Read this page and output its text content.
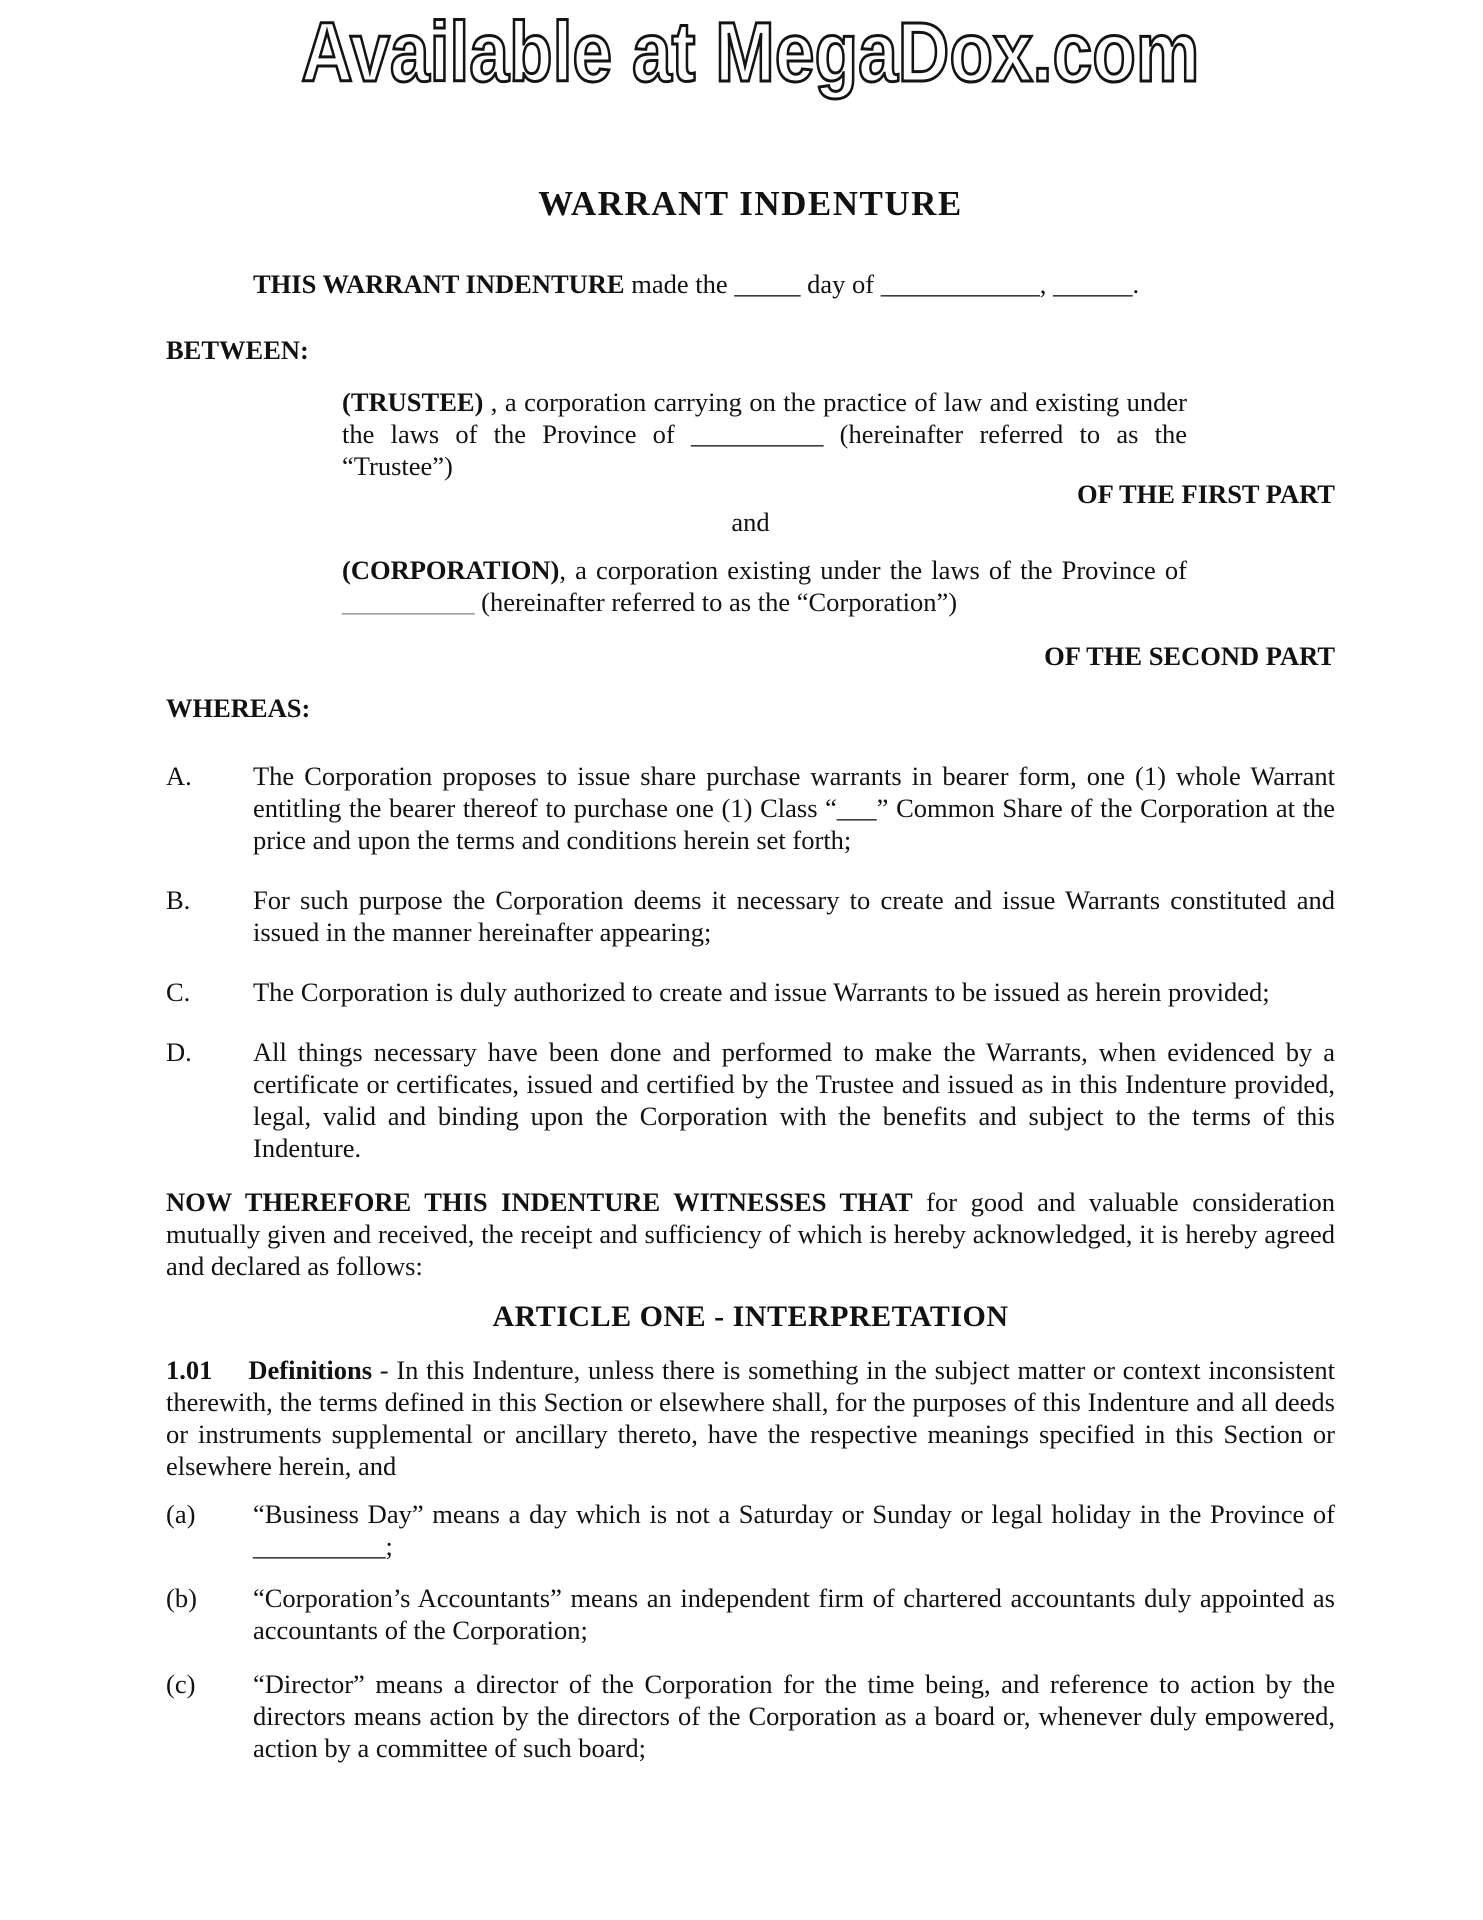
Available at MegaDox.com
WARRANT INDENTURE
THIS WARRANT INDENTURE made the _____ day of ____________, ______.
BETWEEN:
(TRUSTEE) , a corporation carrying on the practice of law and existing under the laws of the Province of __________ (hereinafter referred to as the “Trustee”)
OF THE FIRST PART
and
(CORPORATION), a corporation existing under the laws of the Province of __________ (hereinafter referred to as the “Corporation”)
OF THE SECOND PART
WHEREAS:
A.	The Corporation proposes to issue share purchase warrants in bearer form, one (1) whole Warrant entitling the bearer thereof to purchase one (1) Class “___” Common Share of the Corporation at the price and upon the terms and conditions herein set forth;
B.	For such purpose the Corporation deems it necessary to create and issue Warrants constituted and issued in the manner hereinafter appearing;
C.	The Corporation is duly authorized to create and issue Warrants to be issued as herein provided;
D.	All things necessary have been done and performed to make the Warrants, when evidenced by a certificate or certificates, issued and certified by the Trustee and issued as in this Indenture provided, legal, valid and binding upon the Corporation with the benefits and subject to the terms of this Indenture.
NOW THEREFORE THIS INDENTURE WITNESSES THAT for good and valuable consideration mutually given and received, the receipt and sufficiency of which is hereby acknowledged, it is hereby agreed and declared as follows:
ARTICLE ONE - INTERPRETATION
1.01 Definitions - In this Indenture, unless there is something in the subject matter or context inconsistent therewith, the terms defined in this Section or elsewhere shall, for the purposes of this Indenture and all deeds or instruments supplemental or ancillary thereto, have the respective meanings specified in this Section or elsewhere herein, and
(a)	“Business Day” means a day which is not a Saturday or Sunday or legal holiday in the Province of __________;
(b)	“Corporation’s Accountants” means an independent firm of chartered accountants duly appointed as accountants of the Corporation;
(c)	“Director” means a director of the Corporation for the time being, and reference to action by the directors means action by the directors of the Corporation as a board or, whenever duly empowered, action by a committee of such board;
